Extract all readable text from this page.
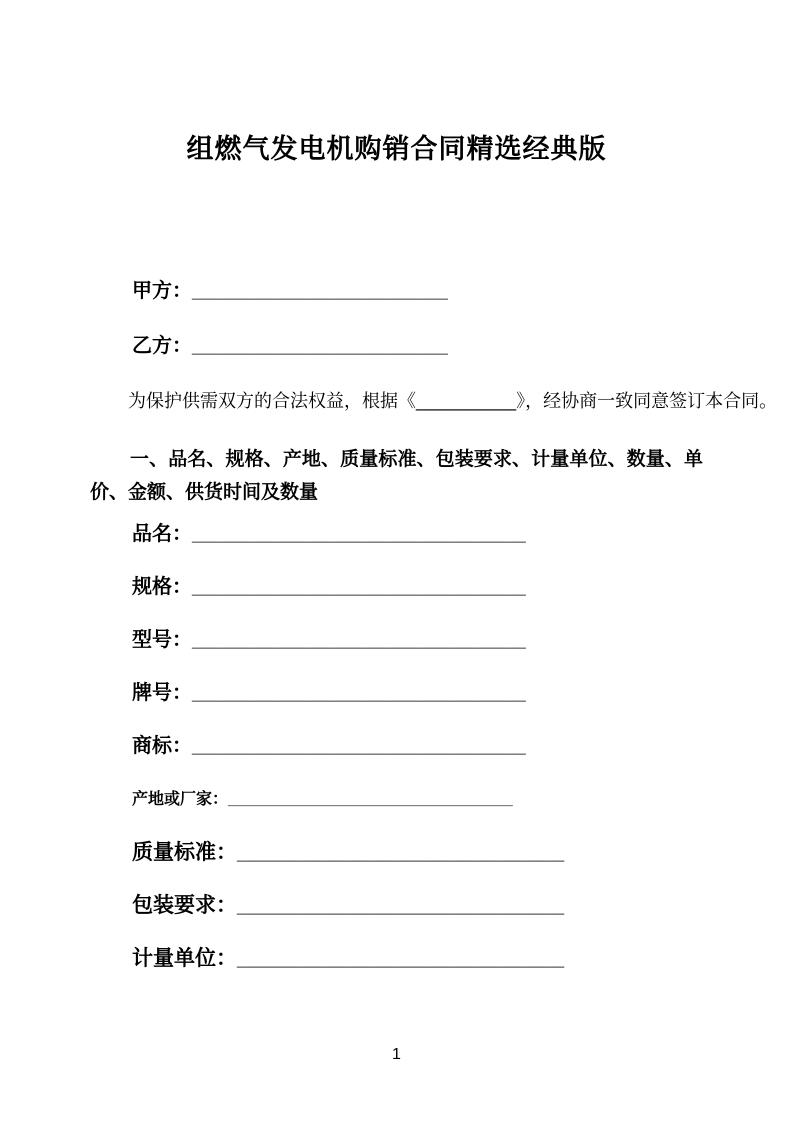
组燃气发电机购销合同精选经典版
甲方：_______________________
乙方：_______________________
为保护供需双方的合法权益，根据《__________》，经协商一致同意签订本合同。
一、品名、规格、产地、质量标准、包装要求、计量单位、数量、单价、金额、供货时间及数量
品名：______________________________
规格：______________________________
型号：______________________________
牌号：______________________________
商标：______________________________
产地或厂家：________________________________
质量标准：____________________________
包装要求：____________________________
计量单位：____________________________
1
